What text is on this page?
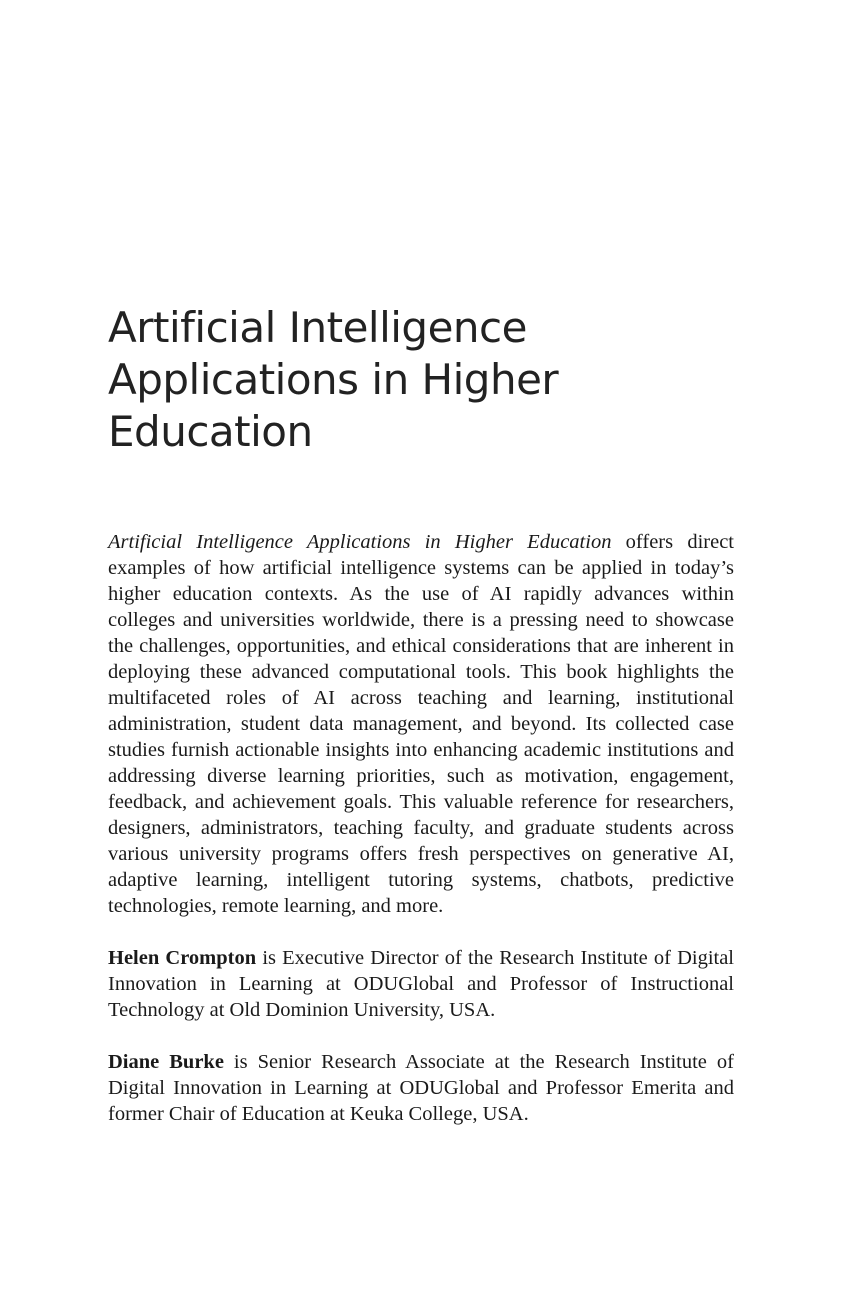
Artificial Intelligence
Applications in Higher
Education

Artificial Intelligence Applications in Higher Education offers direct examples of how artificial intelligence systems can be applied in today’s higher education contexts. As the use of AI rapidly advances within colleges and universities worldwide, there is a pressing need to showcase the challenges, opportunities, and ethical considerations that are inherent in deploying these advanced computational tools. This book highlights the multifaceted roles of AI across teaching and learning, institutional administration, student data management, and beyond. Its collected case studies furnish actionable insights into enhancing academic institutions and addressing diverse learning priorities, such as motivation, engagement, feedback, and achievement goals. This valuable reference for researchers, designers, administrators, teaching faculty, and graduate students across various university programs offers fresh perspectives on generative AI, adaptive learning, intelligent tutoring systems, chatbots, predictive technologies, remote learning, and more.

Helen Crompton is Executive Director of the Research Institute of Digital Innovation in Learning at ODUGlobal and Professor of Instructional Technology at Old Dominion University, USA.

Diane Burke is Senior Research Associate at the Research Institute of Digital Innovation in Learning at ODUGlobal and Professor Emerita and former Chair of Education at Keuka College, USA.
